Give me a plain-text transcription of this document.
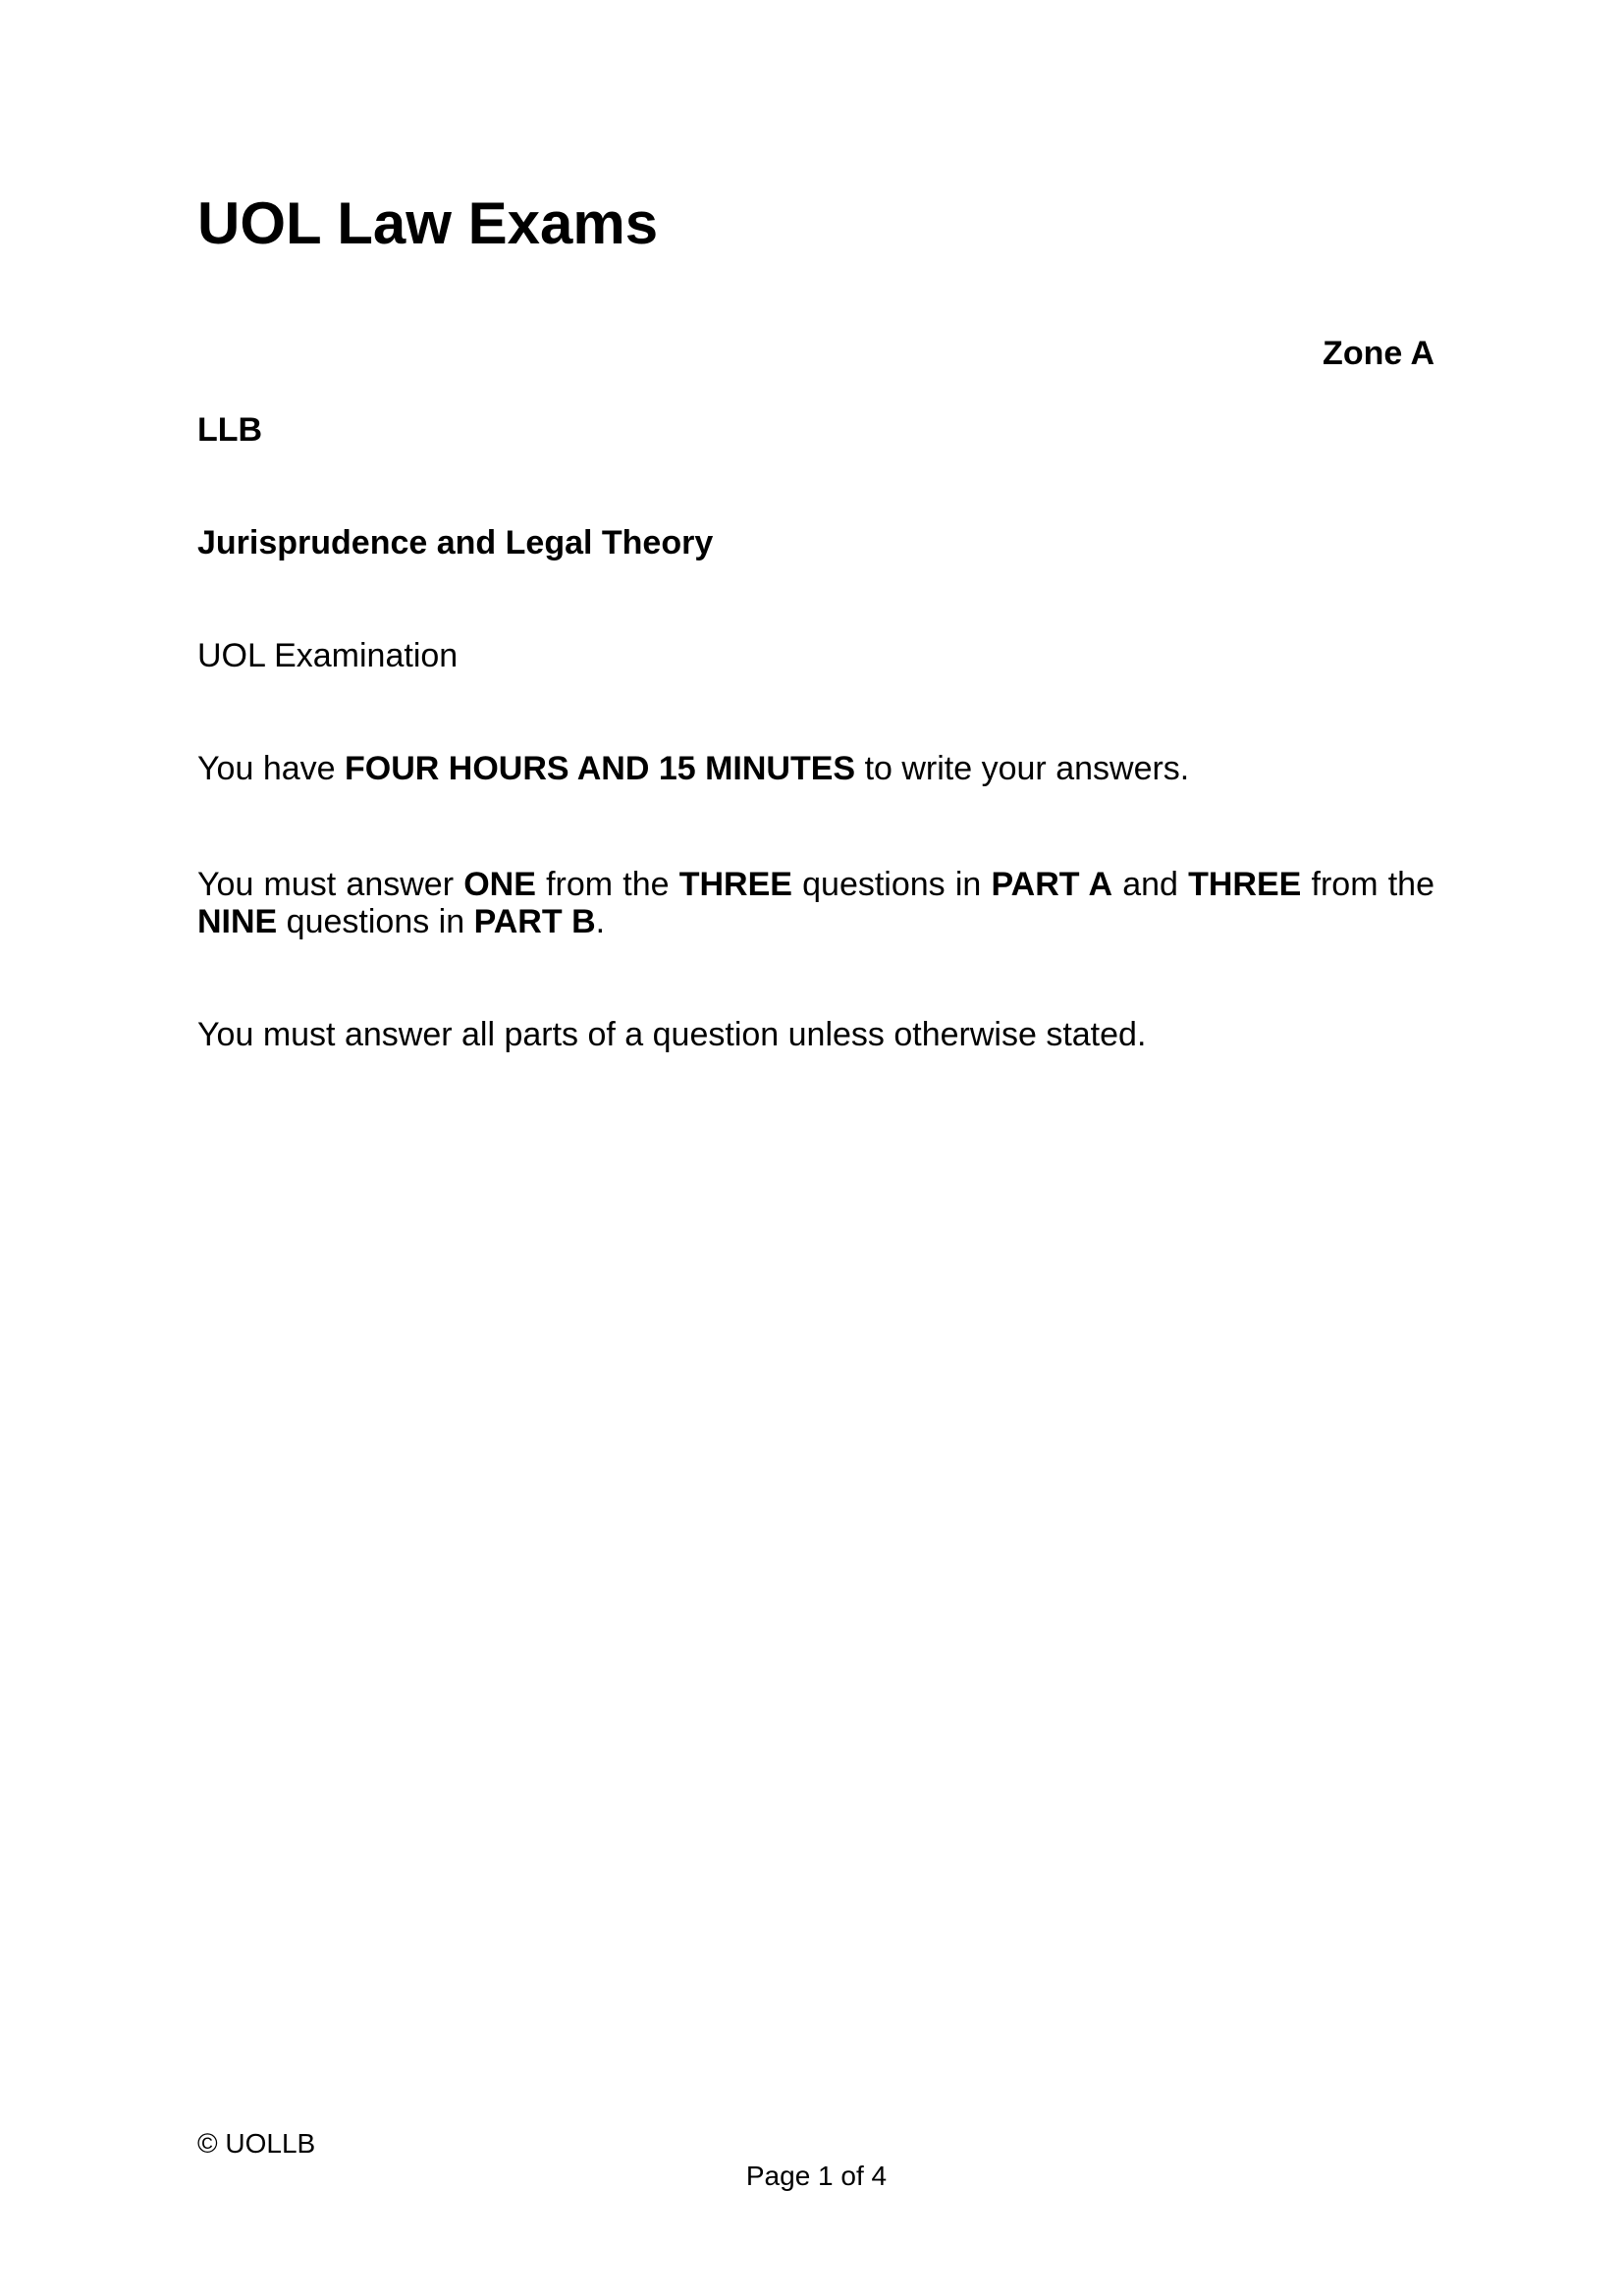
UOL Law Exams
Zone A
LLB
Jurisprudence and Legal Theory
UOL Examination

You have FOUR HOURS AND 15 MINUTES to write your answers.

You must answer ONE from the THREE questions in PART A and THREE from the NINE questions in PART B.

You must answer all parts of a question unless otherwise stated.

© UOLLB
Page 1 of 4
